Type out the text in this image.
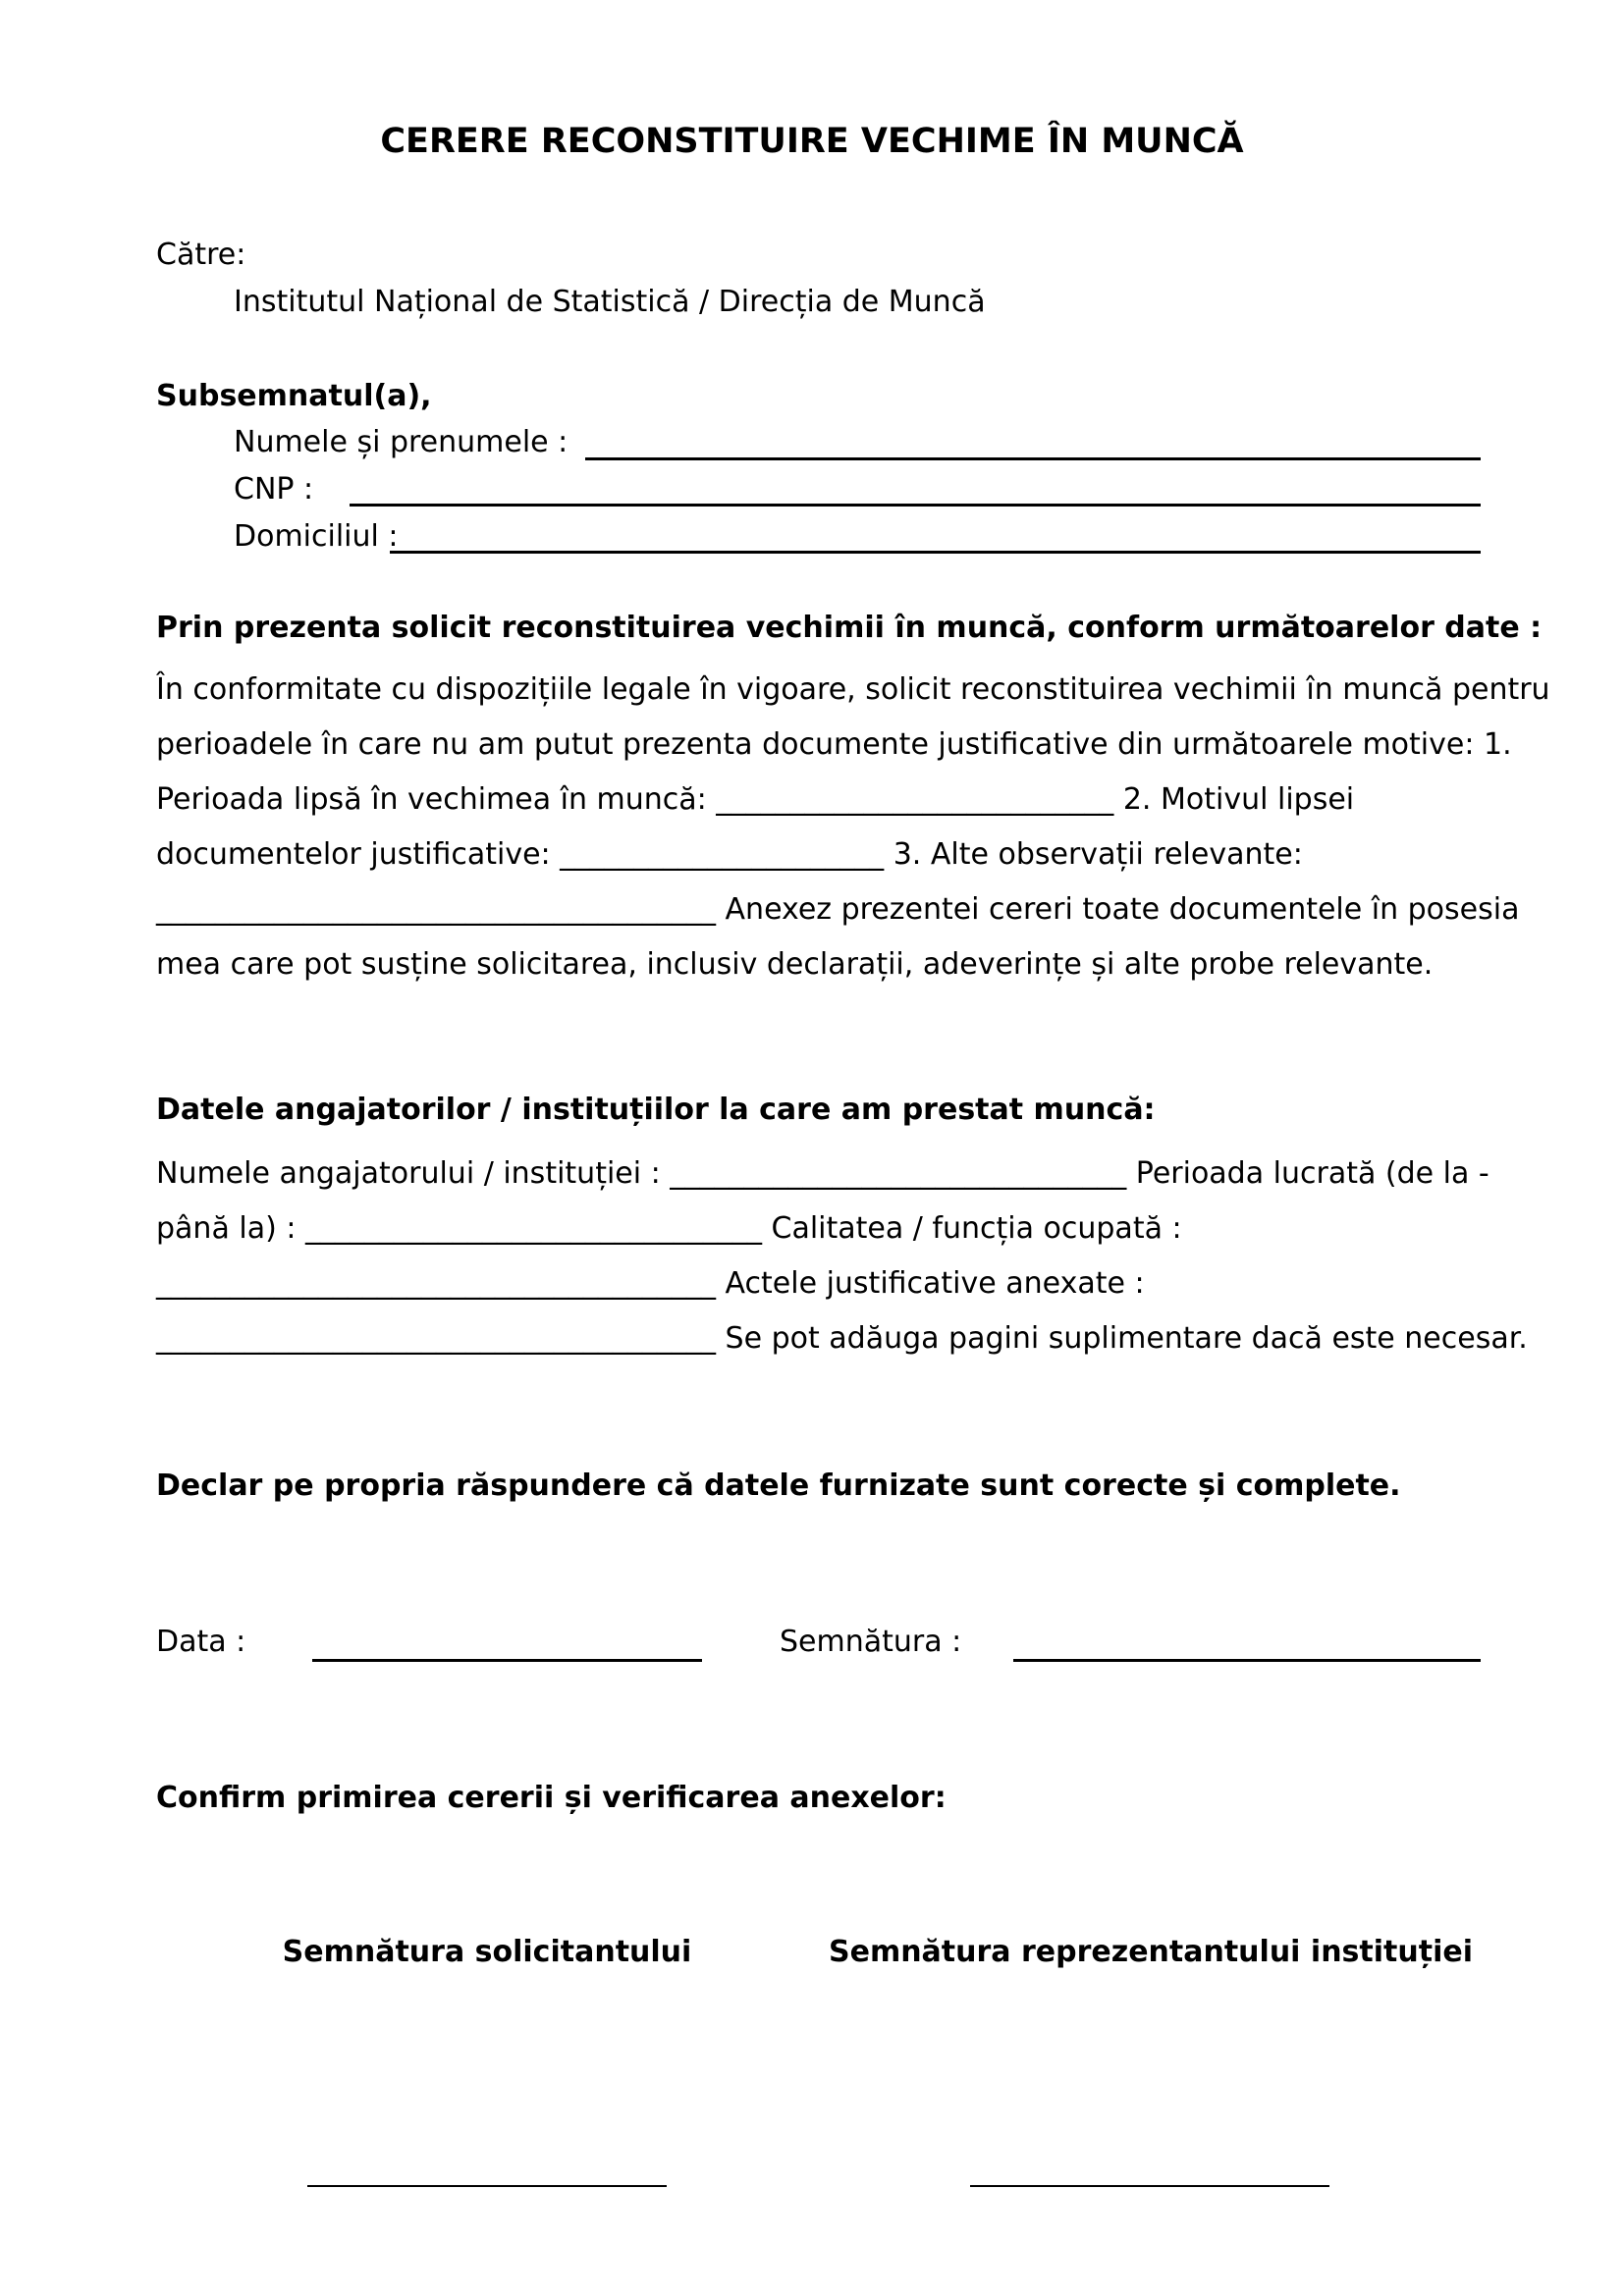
CERERE RECONSTITUIRE VECHIME ÎN MUNCĂ
Către:
Institutul Național de Statistică / Direcția de Muncă
Subsemnatul(a),
Numele și prenumele :
CNP :
Domiciliul :
Prin prezenta solicit reconstituirea vechimii în muncă, conform următoarelor date :

În conformitate cu dispozițiile legale în vigoare, solicit reconstituirea vechimii în muncă pentru

perioadele în care nu am putut prezenta documente justificative din următoarele motive: 1.

Perioada lipsă în vechimea în muncă: ___________________________ 2. Motivul lipsei

documentelor justificative: ______________________ 3. Alte observații relevante:

______________________________________ Anexez prezentei cereri toate documentele în posesia

mea care pot susține solicitarea, inclusiv declarații, adeverințe și alte probe relevante.

Datele angajatorilor / instituțiilor la care am prestat muncă:

Numele angajatorului / instituției : _______________________________ Perioada lucrată (de la -

până la) : _______________________________ Calitatea / funcția ocupată :

______________________________________ Actele justificative anexate :

______________________________________ Se pot adăuga pagini suplimentare dacă este necesar.

Declar pe propria răspundere că datele furnizate sunt corecte și complete.
Data :	Semnătura :
Confirm primirea cererii și verificarea anexelor:
Semnătura solicitantului	Semnătura reprezentantului instituției
